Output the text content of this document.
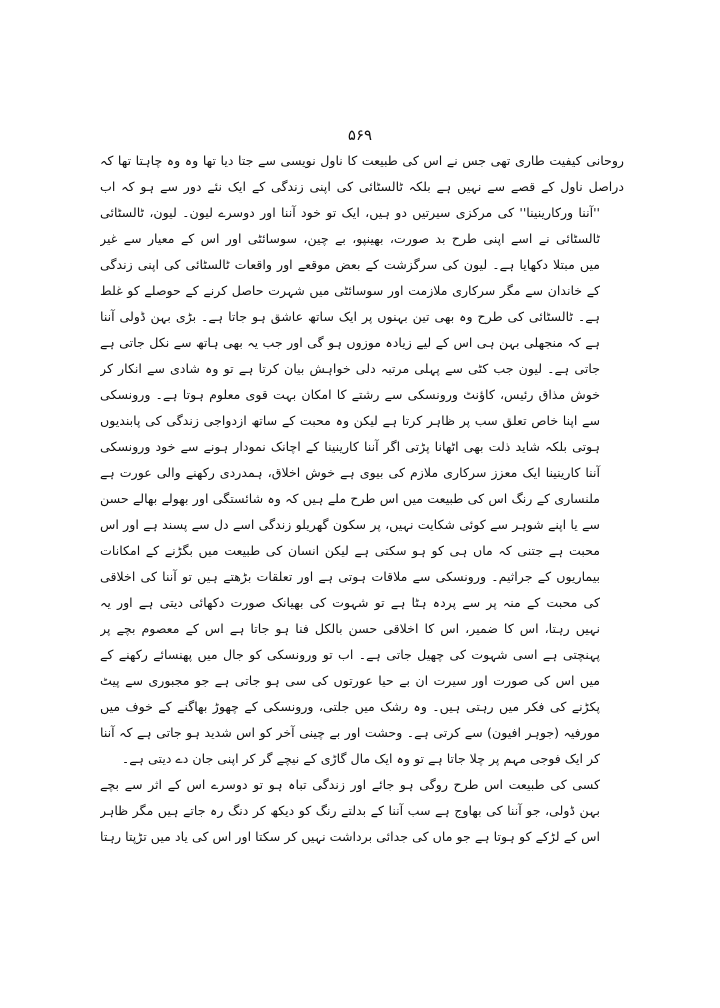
۵۶۹
روحانی کیفیت طاری تھی جس نے اس کی طبیعت کا ناول نویسی سے جتا دیا تھا وہ وہ چاہتا تھا کہ
دراصل ناول کے قصے سے نہیں ہے بلکہ ٹالسٹائی کی اپنی زندگی کے ایک نئے دور سے ہو کہ اب
''آننا ورکارینینا'' کی مرکزی سیرتیں دو ہیں، ایک تو خود آننا اور دوسرے لیون۔ لیون، ٹالسٹائی
ٹالسٹائی نے اسے اپنی طرح بد صورت، بھینپو، بے چین، سوسائٹی اور اس کے معیار سے غیر
میں مبتلا دکھایا ہے۔ لیون کی سرگزشت کے بعض موقعے اور واقعات ٹالسٹائی کی اپنی زندگی
کے خاندان سے مگر سرکاری ملازمت اور سوسائٹی میں شہرت حاصل کرنے کے حوصلے کو غلط
ہے۔ ٹالسٹائی کی طرح وہ بھی تین بہنوں پر ایک ساتھ عاشق ہو جاتا ہے۔ بڑی بہن ڈولی آننا
ہے کہ منجھلی بہن ہی اس کے لیے زیادہ موزوں ہو گی اور جب یہ بھی ہاتھ سے نکل جاتی ہے
جاتی ہے۔ لیون جب کٹی سے پہلی مرتبہ دلی خواہش بیان کرتا ہے تو وہ شادی سے انکار کر
خوش مذاق رئیس، کاؤنٹ ورونسکی سے رشتے کا امکان بہت قوی معلوم ہوتا ہے۔ ورونسکی
سے اپنا خاص تعلق سب پر ظاہر کرتا ہے لیکن وہ محبت کے ساتھ ازدواجی زندگی کی پابندیوں
ہوتی بلکہ شاید ذلت بھی اٹھانا پڑتی اگر آننا کارینینا کے اچانک نمودار ہونے سے خود ورونسکی
آننا کارینینا ایک معزز سرکاری ملازم کی بیوی ہے خوش اخلاق، ہمدردی رکھنے والی عورت ہے
ملنساری کے رنگ اس کی طبیعت میں اس طرح ملے ہیں کہ وہ شائستگی اور بھولے بھالے حسن
سے یا اپنے شوہر سے کوئی شکایت نہیں، پر سکون گھریلو زندگی اسے دل سے پسند ہے اور اس
محبت ہے جتنی کہ ماں ہی کو ہو سکتی ہے لیکن انسان کی طبیعت میں بگڑنے کے امکانات
بیماریوں کے جراثیم۔ ورونسکی سے ملاقات ہوتی ہے اور تعلقات بڑھتے ہیں تو آننا کی اخلاقی
کی محبت کے منہ پر سے پردہ ہٹا ہے تو شہوت کی بھیانک صورت دکھائی دیتی ہے اور یہ
نہیں رہتا، اس کا ضمیر، اس کا اخلاقی حسن بالکل فنا ہو جاتا ہے اس کے معصوم بچے پر
پہنچتی ہے اسی شہوت کی چھیل جاتی ہے۔ اب تو ورونسکی کو جال میں پھنسائے رکھنے کے
میں اس کی صورت اور سیرت ان بے حیا عورتوں کی سی ہو جاتی ہے جو مجبوری سے پیٹ
پکڑنے کی فکر میں رہتی ہیں۔ وہ رشک میں جلتی، ورونسکی کے چھوڑ بھاگنے کے خوف میں
مورفیہ (جوہر افیون) سے کرتی ہے۔ وحشت اور بے چینی آخر کو اس شدید ہو جاتی ہے کہ آننا
کر ایک فوجی مہم پر چلا جاتا ہے تو وہ ایک مال گاڑی کے نیچے گر کر اپنی جان دے دیتی ہے۔
کسی کی طبیعت اس طرح روگی ہو جائے اور زندگی تباہ ہو تو دوسرے اس کے اثر سے بچے
بہن ڈولی، جو آننا کی بھاوج ہے سب آننا کے بدلتے رنگ کو دیکھ کر دنگ رہ جاتے ہیں مگر ظاہر
اس کے لڑکے کو ہوتا ہے جو ماں کی جدائی برداشت نہیں کر سکتا اور اس کی یاد میں تڑپتا رہتا
